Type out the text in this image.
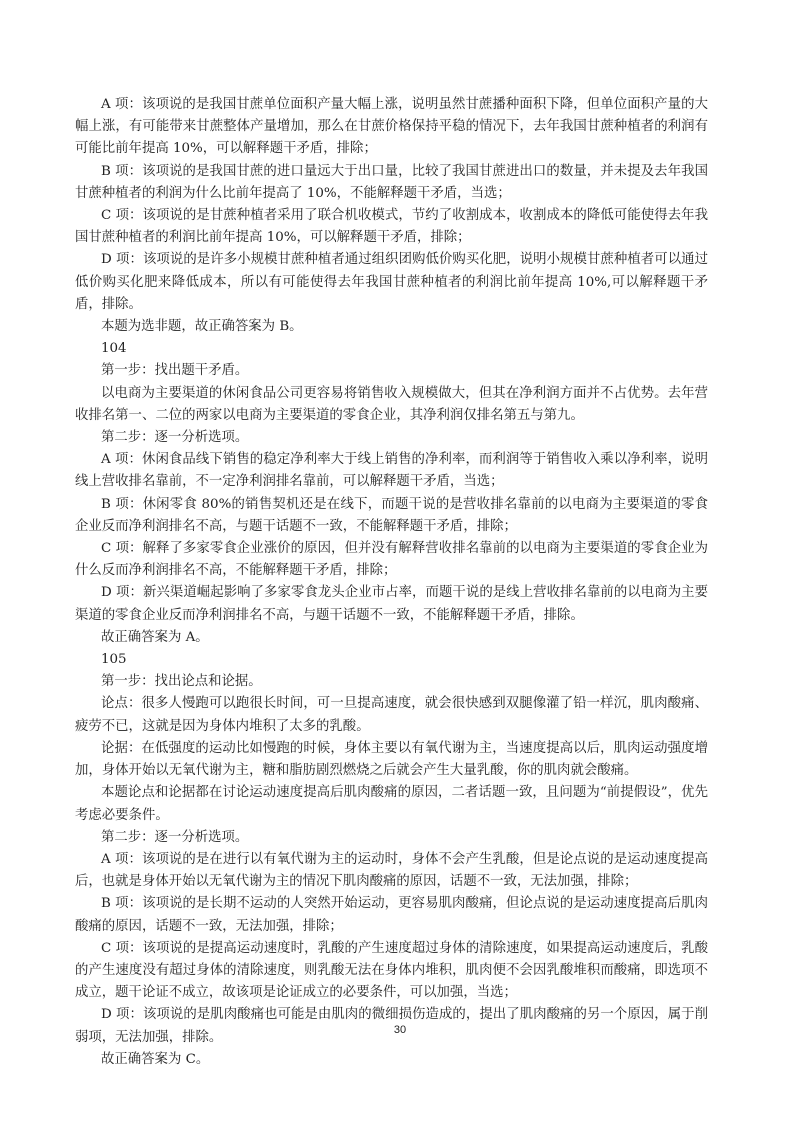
A 项：该项说的是我国甘蔗单位面积产量大幅上涨，说明虽然甘蔗播种面积下降，但单位面积产量的大幅上涨，有可能带来甘蔗整体产量增加，那么在甘蔗价格保持平稳的情况下，去年我国甘蔗种植者的利润有可能比前年提高 10%，可以解释题干矛盾，排除；

B 项：该项说的是我国甘蔗的进口量远大于出口量，比较了我国甘蔗进出口的数量，并未提及去年我国甘蔗种植者的利润为什么比前年提高了 10%，不能解释题干矛盾，当选；

C 项：该项说的是甘蔗种植者采用了联合机收模式，节约了收割成本，收割成本的降低可能使得去年我国甘蔗种植者的利润比前年提高 10%，可以解释题干矛盾，排除；

D 项：该项说的是许多小规模甘蔗种植者通过组织团购低价购买化肥，说明小规模甘蔗种植者可以通过低价购买化肥来降低成本，所以有可能使得去年我国甘蔗种植者的利润比前年提高 10%,可以解释题干矛盾，排除。

本题为选非题，故正确答案为 B。

104

第一步：找出题干矛盾。

以电商为主要渠道的休闲食品公司更容易将销售收入规模做大，但其在净利润方面并不占优势。去年营收排名第一、二位的两家以电商为主要渠道的零食企业，其净利润仅排名第五与第九。

第二步：逐一分析选项。

A 项：休闲食品线下销售的稳定净利率大于线上销售的净利率，而利润等于销售收入乘以净利率，说明线上营收排名靠前，不一定净利润排名靠前，可以解释题干矛盾，当选；

B 项：休闲零食 80%的销售契机还是在线下，而题干说的是营收排名靠前的以电商为主要渠道的零食企业反而净利润排名不高，与题干话题不一致，不能解释题干矛盾，排除；

C 项：解释了多家零食企业涨价的原因，但并没有解释营收排名靠前的以电商为主要渠道的零食企业为什么反而净利润排名不高，不能解释题干矛盾，排除；

D 项：新兴渠道崛起影响了多家零食龙头企业市占率，而题干说的是线上营收排名靠前的以电商为主要渠道的零食企业反而净利润排名不高，与题干话题不一致，不能解释题干矛盾，排除。

故正确答案为 A。

105

第一步：找出论点和论据。

论点：很多人慢跑可以跑很长时间，可一旦提高速度，就会很快感到双腿像灌了铅一样沉，肌肉酸痛、疲劳不已，这就是因为身体内堆积了太多的乳酸。

论据：在低强度的运动比如慢跑的时候，身体主要以有氧代谢为主，当速度提高以后，肌肉运动强度增加，身体开始以无氧代谢为主，糖和脂肪剧烈燃烧之后就会产生大量乳酸，你的肌肉就会酸痛。

本题论点和论据都在讨论运动速度提高后肌肉酸痛的原因，二者话题一致，且问题为“前提假设”，优先考虑必要条件。

第二步：逐一分析选项。

A 项：该项说的是在进行以有氧代谢为主的运动时，身体不会产生乳酸，但是论点说的是运动速度提高后，也就是身体开始以无氧代谢为主的情况下肌肉酸痛的原因，话题不一致，无法加强，排除；

B 项：该项说的是长期不运动的人突然开始运动，更容易肌肉酸痛，但论点说的是运动速度提高后肌肉酸痛的原因，话题不一致，无法加强，排除；

C 项：该项说的是提高运动速度时，乳酸的产生速度超过身体的清除速度，如果提高运动速度后，乳酸的产生速度没有超过身体的清除速度，则乳酸无法在身体内堆积，肌肉便不会因乳酸堆积而酸痛，即选项不成立，题干论证不成立，故该项是论证成立的必要条件，可以加强，当选；

D 项：该项说的是肌肉酸痛也可能是由肌肉的微细损伤造成的，提出了肌肉酸痛的另一个原因，属于削弱项，无法加强，排除。

故正确答案为 C。

30
